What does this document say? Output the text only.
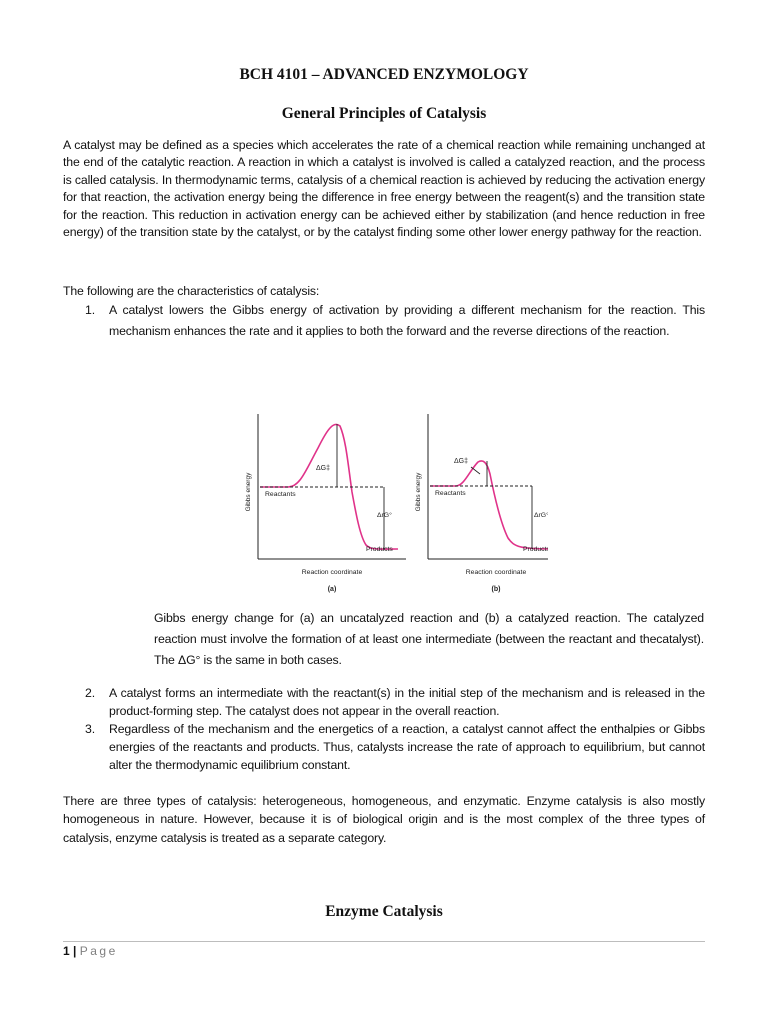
BCH 4101 – ADVANCED ENZYMOLOGY
General Principles of Catalysis
A catalyst may be defined as a species which accelerates the rate of a chemical reaction while remaining unchanged at the end of the catalytic reaction. A reaction in which a catalyst is involved is called a catalyzed reaction, and the process is called catalysis. In thermodynamic terms, catalysis of a chemical reaction is achieved by reducing the activation energy for that reaction, the activation energy being the difference in free energy between the reagent(s) and the transition state for the reaction. This reduction in activation energy can be achieved either by stabilization (and hence reduction in free energy) of the transition state by the catalyst, or by the catalyst finding some other lower energy pathway for the reaction.
The following are the characteristics of catalysis:
1. A catalyst lowers the Gibbs energy of activation by providing a different mechanism for the reaction. This mechanism enhances the rate and it applies to both the forward and the reverse directions of the reaction.
Gibbs energy Reactants
ΔG‡
ΔrG°
Products
Reaction coordinate
(a)
Gibbs energy Reactants
ΔG‡
ΔrG°
Products
Reaction coordinate
(b)
Gibbs energy change for (a) an uncatalyzed reaction and (b) a catalyzed reaction. The catalyzed reaction must involve the formation of at least one intermediate (between the reactant and thecatalyst). The ΔG° is the same in both cases.
2. A catalyst forms an intermediate with the reactant(s) in the initial step of the mechanism and is released in the product-forming step. The catalyst does not appear in the overall reaction.
3. Regardless of the mechanism and the energetics of a reaction, a catalyst cannot affect the enthalpies or Gibbs energies of the reactants and products. Thus, catalysts increase the rate of approach to equilibrium, but cannot alter the thermodynamic equilibrium constant.
There are three types of catalysis: heterogeneous, homogeneous, and enzymatic. Enzyme catalysis is also mostly homogeneous in nature. However, because it is of biological origin and is the most complex of the three types of catalysis, enzyme catalysis is treated as a separate category.
Enzyme Catalysis
1 | Page
